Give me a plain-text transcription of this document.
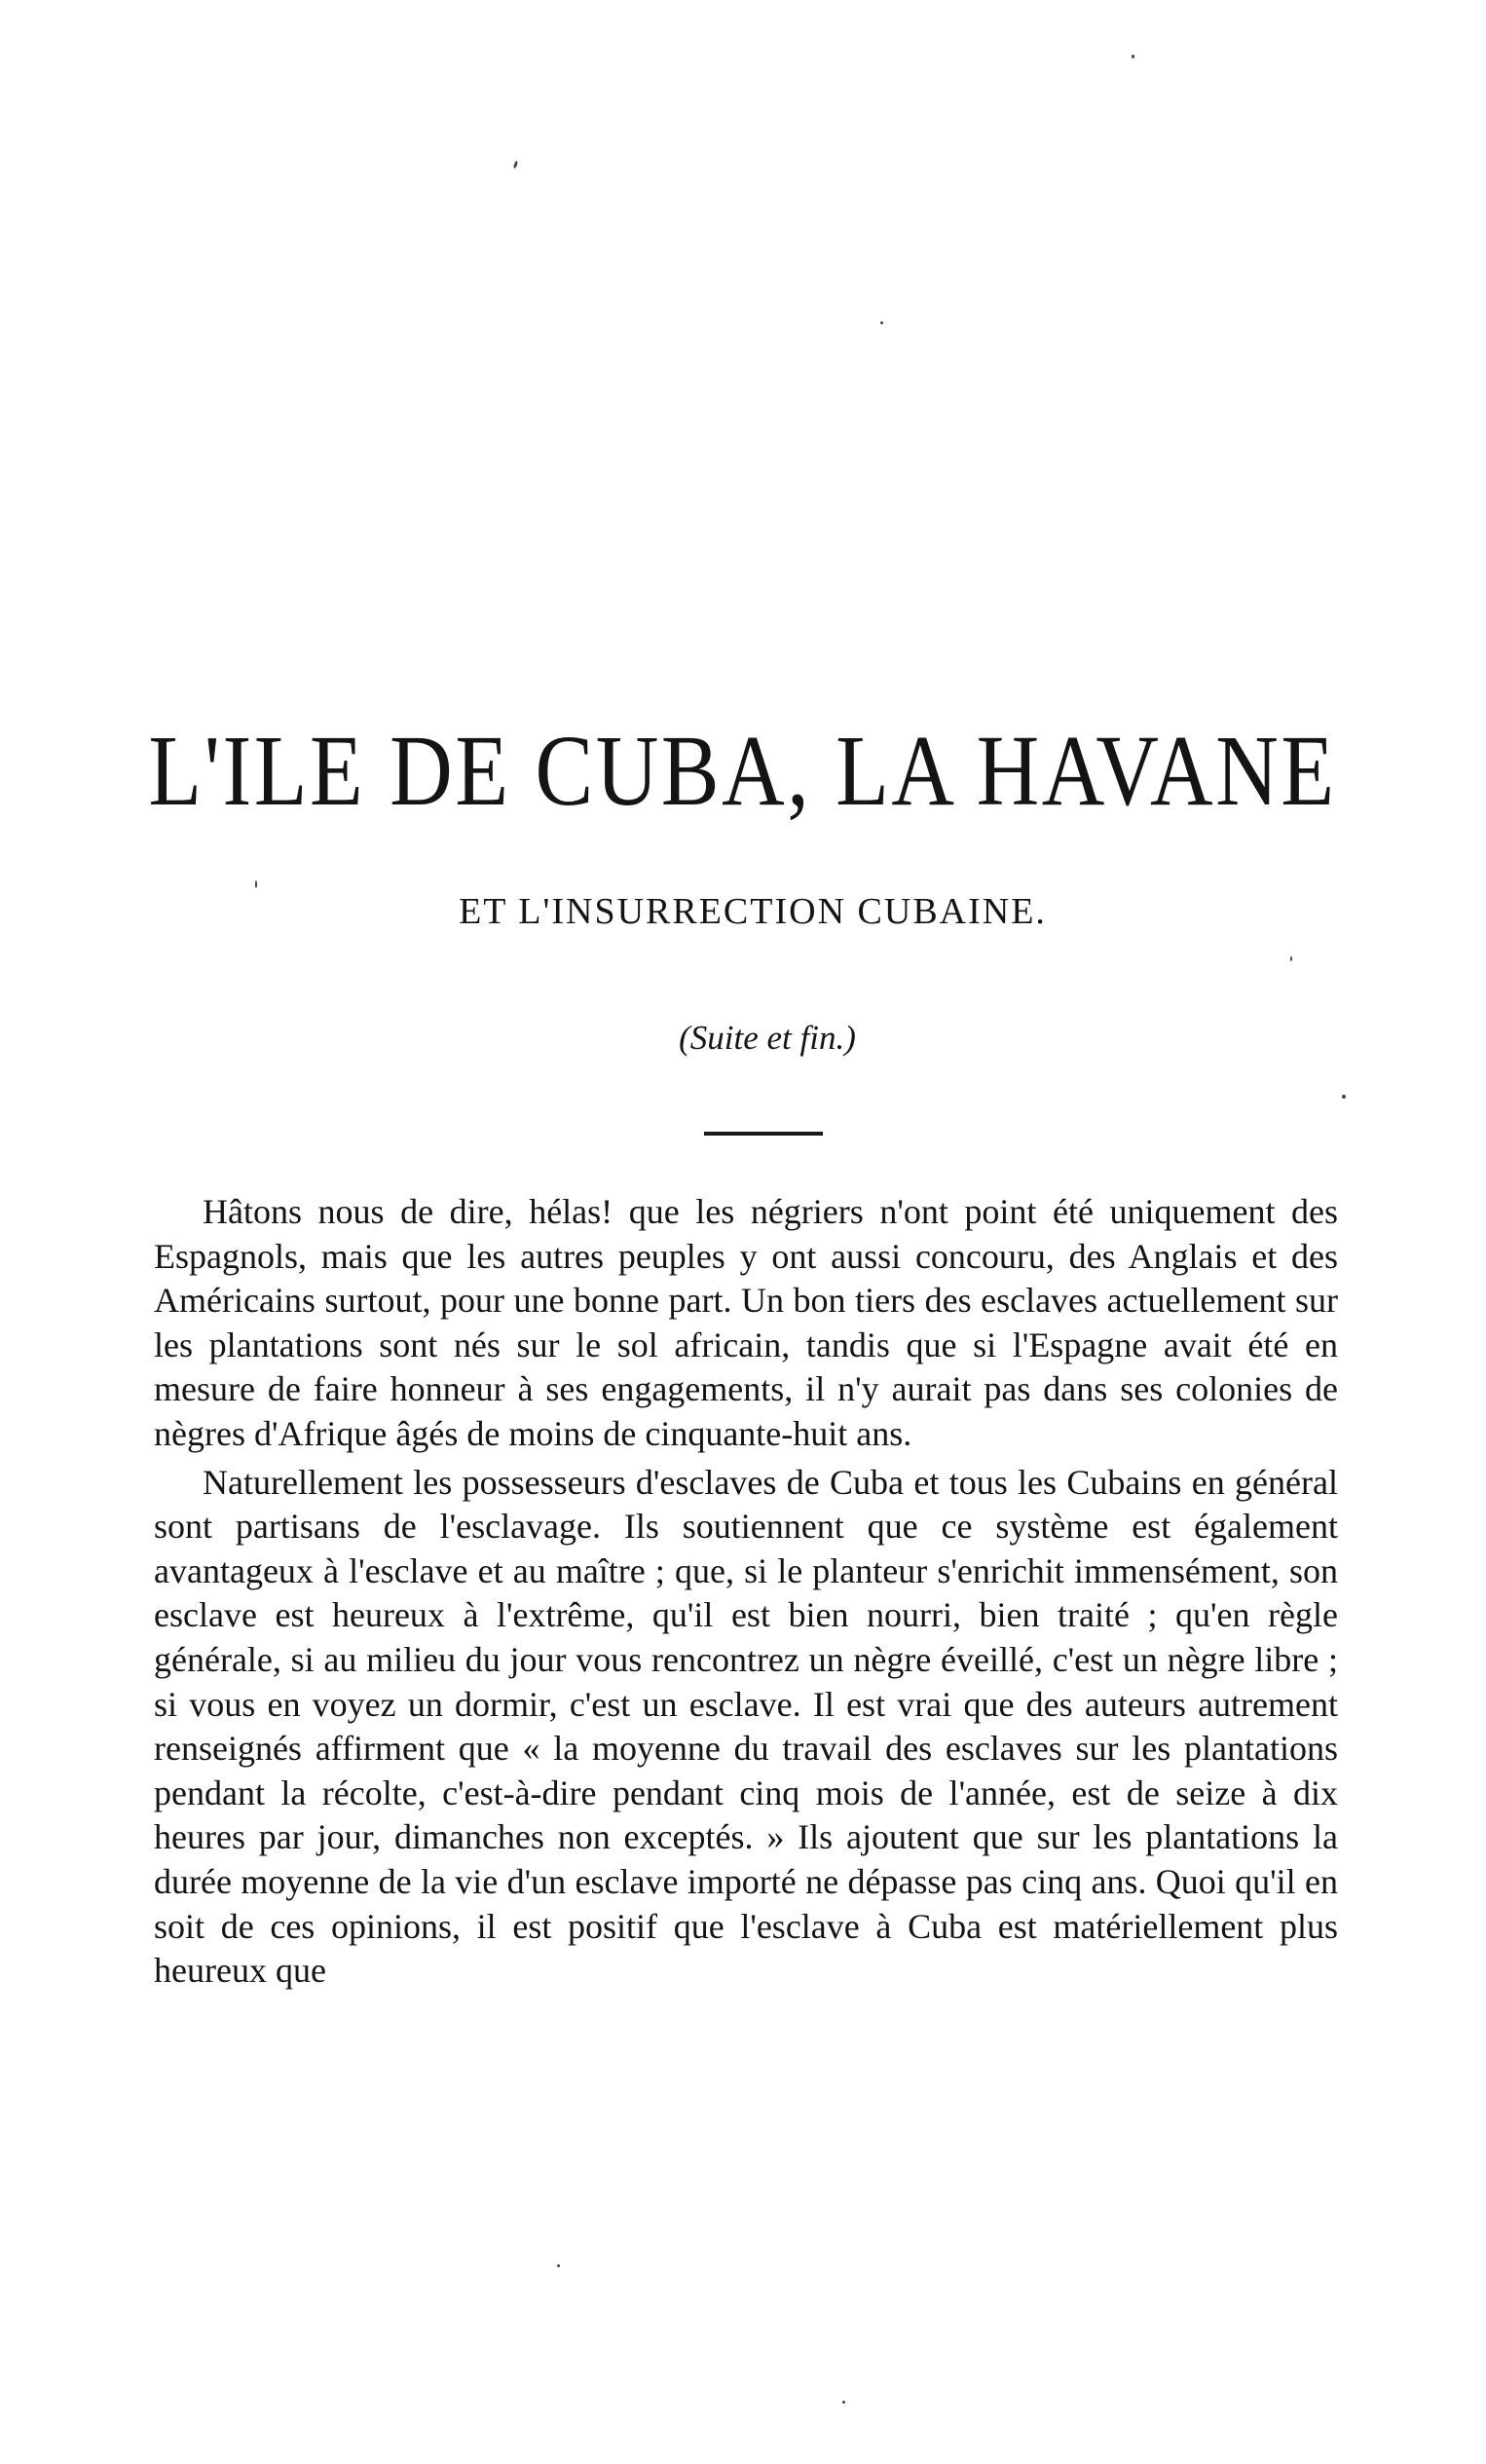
L'ILE DE CUBA, LA HAVANE
ET L'INSURRECTION CUBAINE.
(Suite et fin.)

Hâtons nous de dire, hélas! que les négriers n'ont point été uniquement des Espagnols, mais que les autres peuples y ont aussi concouru, des Anglais et des Américains surtout, pour une bonne part. Un bon tiers des esclaves actuellement sur les plantations sont nés sur le sol africain, tandis que si l'Espagne avait été en mesure de faire honneur à ses engagements, il n'y aurait pas dans ses colonies de nègres d'Afrique âgés de moins de cinquante-huit ans.

Naturellement les possesseurs d'esclaves de Cuba et tous les Cubains en général sont partisans de l'esclavage. Ils soutiennent que ce système est également avantageux à l'esclave et au maître ; que, si le planteur s'enrichit immensément, son esclave est heureux à l'extrême, qu'il est bien nourri, bien traité ; qu'en règle générale, si au milieu du jour vous rencontrez un nègre éveillé, c'est un nègre libre ; si vous en voyez un dormir, c'est un esclave. Il est vrai que des auteurs autrement renseignés affirment que « la moyenne du travail des esclaves sur les plantations pendant la récolte, c'est-à-dire pendant cinq mois de l'année, est de seize à dix heures par jour, dimanches non exceptés. » Ils ajoutent que sur les plantations la durée moyenne de la vie d'un esclave importé ne dépasse pas cinq ans. Quoi qu'il en soit de ces opinions, il est positif que l'esclave à Cuba est matériellement plus heureux que
